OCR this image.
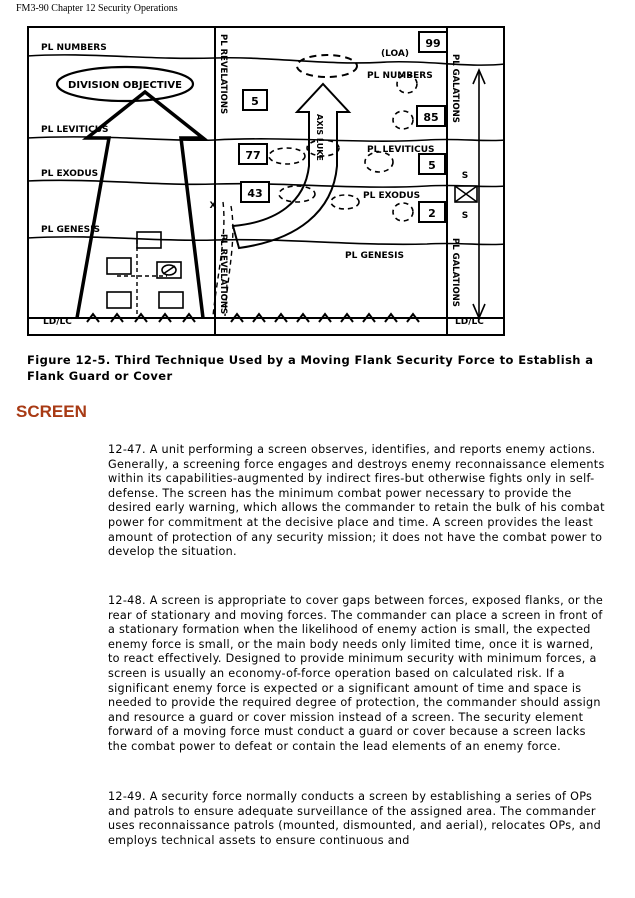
FM3-90 Chapter 12 Security Operations
99
85
5
2
5
77
43
S
S
PL NUMBERS
DIVISION OBJECTIVE
PL LEVITICUS
PL EXODUS
PL GENESIS
LD/LC	LD/LC
X
(LOA)
PL NUMBERS
PL LEVITICUS
PL EXODUS
PL GENESIS
PL REVELATIONS
PL REVELATIONS
PL GALATIONS
PL GALATIONS
AXIS LUKE
Figure 12-5. Third Technique Used by a Moving Flank Security Force to Establish a Flank Guard or Cover
SCREEN

12-47. A unit performing a screen observes, identifies, and reports enemy actions. Generally, a screening force engages and destroys enemy reconnaissance elements within its capabilities-augmented by indirect fires-but otherwise fights only in self-defense. The screen has the minimum combat power necessary to provide the desired early warning, which allows the commander to retain the bulk of his combat power for commitment at the decisive place and time. A screen provides the least amount of protection of any security mission; it does not have the combat power to develop the situation.

12-48. A screen is appropriate to cover gaps between forces, exposed flanks, or the rear of stationary and moving forces. The commander can place a screen in front of a stationary formation when the likelihood of enemy action is small, the expected enemy force is small, or the main body needs only limited time, once it is warned, to react effectively. Designed to provide minimum security with minimum forces, a screen is usually an economy-of-force operation based on calculated risk. If a significant enemy force is expected or a significant amount of time and space is needed to provide the required degree of protection, the commander should assign and resource a guard or cover mission instead of a screen. The security element forward of a moving force must conduct a guard or cover because a screen lacks the combat power to defeat or contain the lead elements of an enemy force.

12-49. A security force normally conducts a screen by establishing a series of OPs and patrols to ensure adequate surveillance of the assigned area. The commander uses reconnaissance patrols (mounted, dismounted, and aerial), relocates OPs, and employs technical assets to ensure continuous and
